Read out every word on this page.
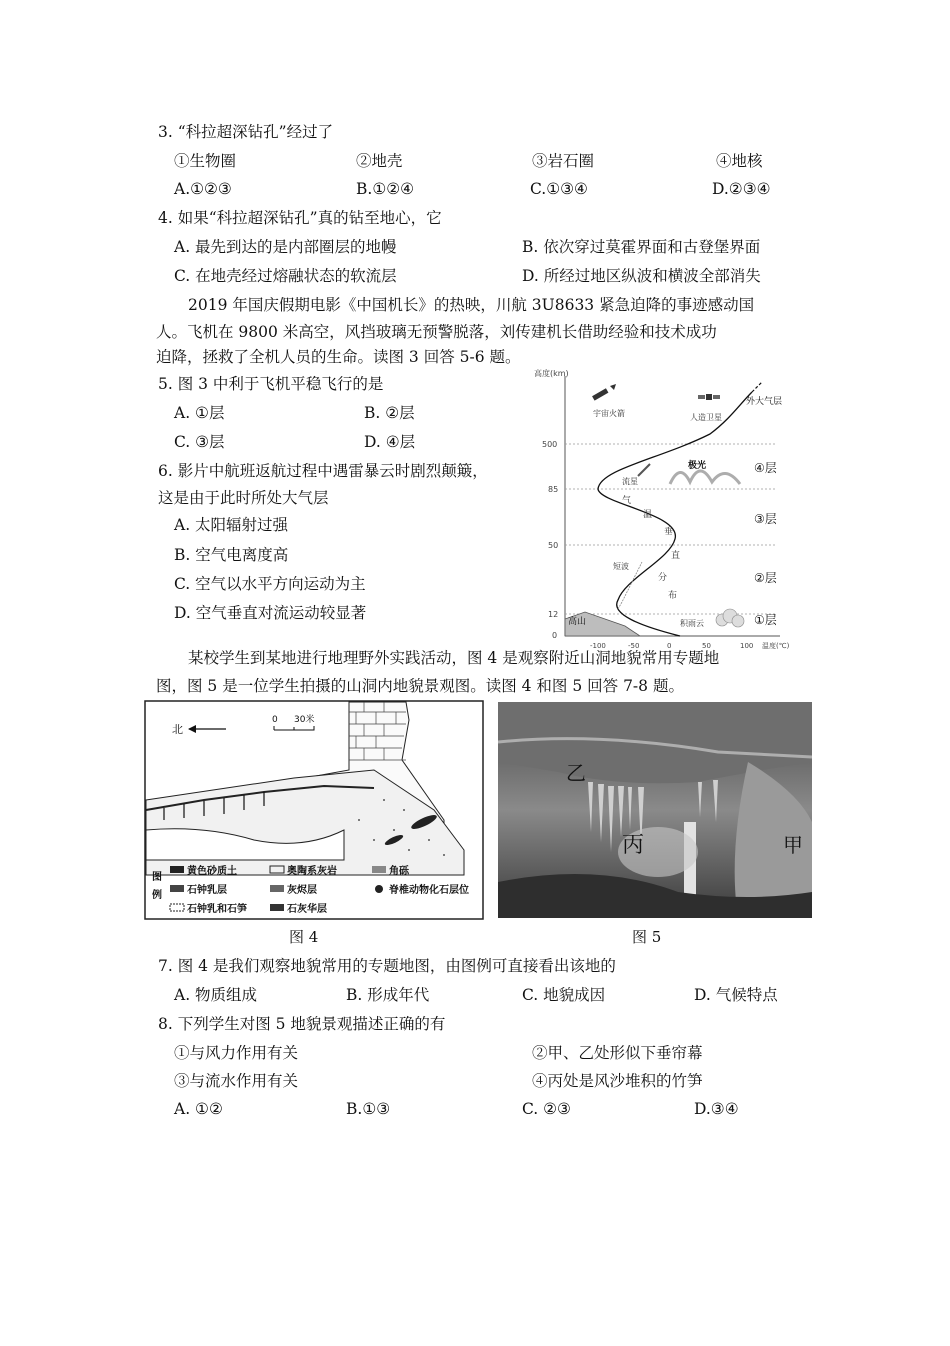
3. “科拉超深钻孔”经过了
①生物圈	②地壳	③岩石圈	④地核
A.①②③	B.①②④	C.①③④	D.②③④
4. 如果“科拉超深钻孔”真的钻至地心，它
A. 最先到达的是内部圈层的地幔	B. 依次穿过莫霍界面和古登堡界面
C. 在地壳经过熔融状态的软流层	D. 所经过地区纵波和横波全部消失
2019 年国庆假期电影《中国机长》的热映，川航 3U8633 紧急迫降的事迹感动国
人。飞机在 9800 米高空，风挡玻璃无预警脱落，刘传建机长借助经验和技术成功
迫降，拯救了全机人员的生命。读图 3 回答 5-6 题。
5. 图 3 中利于飞机平稳飞行的是
A. ①层	B. ②层
C. ③层	D. ④层
6. 影片中航班返航过程中遇雷暴云时剧烈颠簸，
这是由于此时所处大气层
A. 太阳辐射过强
B. 空气电离度高
C. 空气以水平方向运动为主
D. 空气垂直对流运动较显著
高度(km)
500
85
50
12
0
-100	-50	0	50	100 温度(℃)
宇宙火箭	人造卫星
外大气层
极光
流星
气
温
垂
直
分
布
短波
高山	积雨云
④层
③层
②层
①层
某校学生到某地进行地理野外实践活动，图 4 是观察附近山洞地貌常用专题地
图，图 5 是一位学生拍摄的山洞内地貌景观图。读图 4 和图 5 回答 7-8 题。
北
0 30米
图
例
黄色砂质土	奥陶系灰岩	角砾
石钟乳层	灰烬层	脊椎动物化石层位
石钟乳和石笋	石灰华层
乙
丙	甲
图 4	图 5
7. 图 4 是我们观察地貌常用的专题地图，由图例可直接看出该地的
A. 物质组成	B. 形成年代	C. 地貌成因	D. 气候特点
8. 下列学生对图 5 地貌景观描述正确的有
①与风力作用有关	②甲、乙处形似下垂帘幕
③与流水作用有关	④丙处是风沙堆积的竹笋
A. ①②	B.①③	C. ②③	D.③④
